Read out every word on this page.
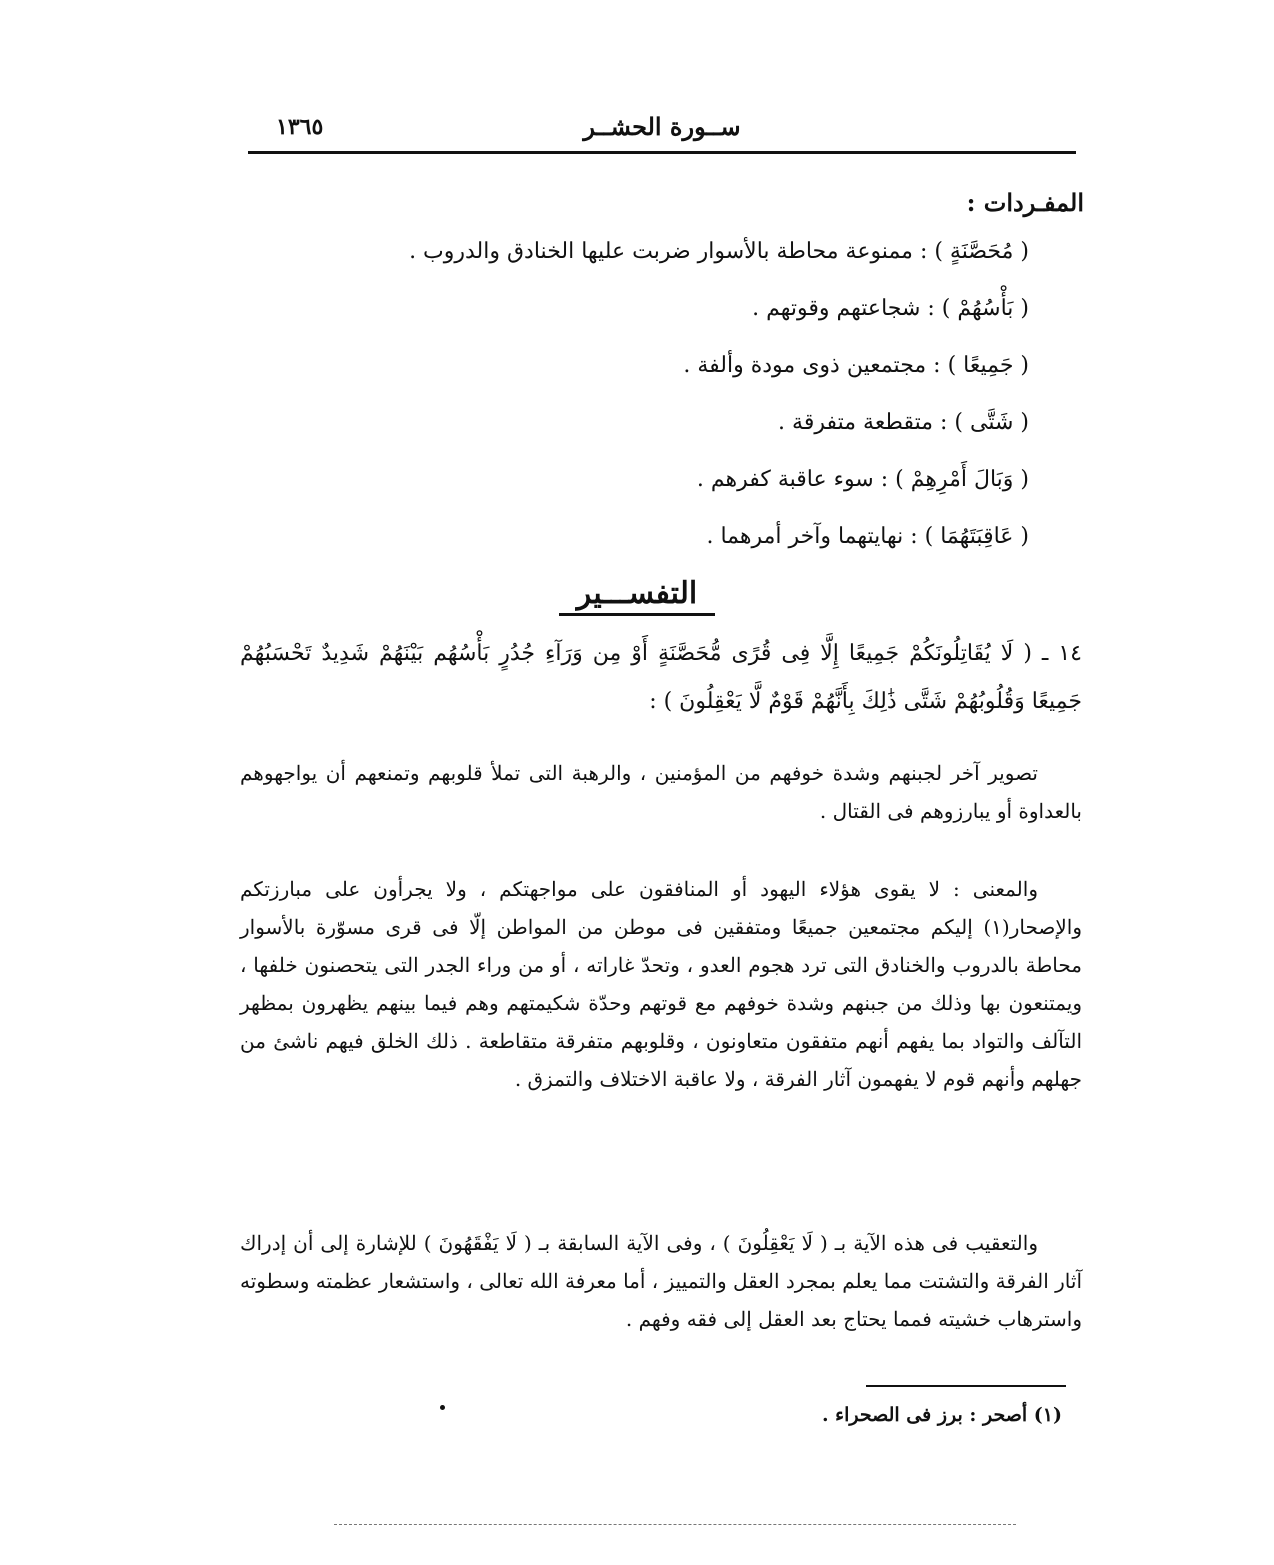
ســورة الحشــر
١٣٦٥
المفـردات :
( مُحَصَّنَةٍ ) : ممنوعة محاطة بالأسوار ضربت عليها الخنادق والدروب .
( بَأْسُهُمْ ) : شجاعتهم وقوتهم .
( جَمِيعًا ) : مجتمعين ذوى مودة وألفة .
( شَتَّى ) : متقطعة متفرقة .
( وَبَالَ أَمْرِهِمْ ) : سوء عاقبة كفرهم .
( عَاقِبَتَهُمَا ) : نهايتهما وآخر أمرهما .
التفســـير
١٤ ـ ( لَا يُقَاتِلُونَكُمْ جَمِيعًا إِلَّا فِى قُرًى مُّحَصَّنَةٍ أَوْ مِن وَرَآءِ جُدُرٍ بَأْسُهُم بَيْنَهُمْ شَدِيدٌ تَحْسَبُهُمْ جَمِيعًا وَقُلُوبُهُمْ شَتَّى ذَٰلِكَ بِأَنَّهُمْ قَوْمٌ لَّا يَعْقِلُونَ ) :

تصوير آخر لجبنهم وشدة خوفهم من المؤمنين ، والرهبة التى تملأ قلوبهم وتمنعهم أن يواجهوهم بالعداوة أو يبارزوهم فى القتال .

والمعنى : لا يقوى هؤلاء اليهود أو المنافقون على مواجهتكم ، ولا يجرأون على مبارزتكم والإصحار(١) إليكم مجتمعين جميعًا ومتفقين فى موطن من المواطن إلّا فى قرى مسوّرة بالأسوار محاطة بالدروب والخنادق التى ترد هجوم العدو ، وتحدّ غاراته ، أو من وراء الجدر التى يتحصنون خلفها ، ويمتنعون بها وذلك من جبنهم وشدة خوفهم مع قوتهم وحدّة شكيمتهم وهم فيما بينهم يظهرون بمظهر التآلف والتواد بما يفهم أنهم متفقون متعاونون ، وقلوبهم متفرقة متقاطعة . ذلك الخلق فيهم ناشئ من جهلهم وأنهم قوم لا يفهمون آثار الفرقة ، ولا عاقبة الاختلاف والتمزق .

والتعقيب فى هذه الآية بـ ( لَا يَعْقِلُونَ ) ، وفى الآية السابقة بـ ( لَا يَفْقَهُونَ ) للإشارة إلى أن إدراك آثار الفرقة والتشتت مما يعلم بمجرد العقل والتمييز ، أما معرفة الله تعالى ، واستشعار عظمته وسطوته واسترهاب خشيته فمما يحتاج بعد العقل إلى فقه وفهم .

(١) أصحر : برز فى الصحراء .
